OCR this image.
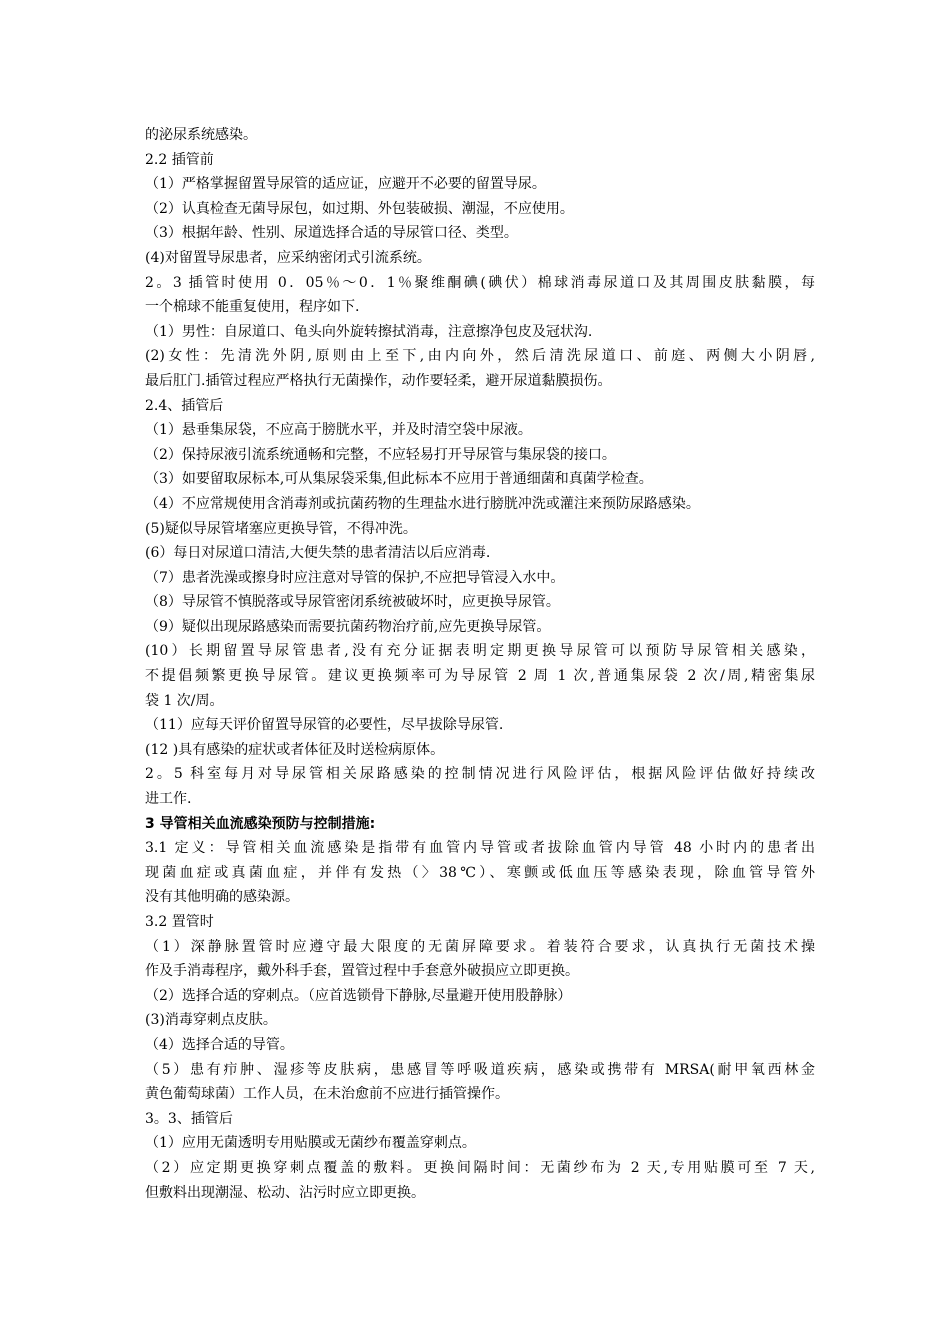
的泌尿系统感染。
2.2 插管前
（1）严格掌握留置导尿管的适应证，应避开不必要的留置导尿。
（2）认真检查无菌导尿包，如过期、外包装破损、潮湿，不应使用。
（3）根据年龄、性别、尿道选择合适的导尿管口径、类型。
(4)对留置导尿患者，应采纳密闭式引流系统。
2。3 插管时使用 0．05％～0．1％聚维酮碘(碘伏）棉球消毒尿道口及其周围皮肤黏膜，每
一个棉球不能重复使用，程序如下.
（1）男性：自尿道口、龟头向外旋转擦拭消毒，注意擦净包皮及冠状沟.
(2)女性：先清洗外阴,原则由上至下,由内向外，然后清洗尿道口、前庭、两侧大小阴唇,
最后肛门.插管过程应严格执行无菌操作，动作要轻柔，避开尿道黏膜损伤。
2.4、插管后
（1）悬垂集尿袋，不应高于膀胱水平，并及时清空袋中尿液。
（2）保持尿液引流系统通畅和完整，不应轻易打开导尿管与集尿袋的接口。
（3）如要留取尿标本,可从集尿袋采集,但此标本不应用于普通细菌和真菌学检查。
（4）不应常规使用含消毒剂或抗菌药物的生理盐水进行膀胱冲洗或灌注来预防尿路感染。
(5)疑似导尿管堵塞应更换导管，不得冲洗。
(6）每日对尿道口清洁,大便失禁的患者清洁以后应消毒.
（7）患者洗澡或擦身时应注意对导管的保护,不应把导管浸入水中。
（8）导尿管不慎脱落或导尿管密闭系统被破坏时，应更换导尿管。
（9）疑似出现尿路感染而需要抗菌药物治疗前,应先更换导尿管。
(10）长期留置导尿管患者,没有充分证据表明定期更换导尿管可以预防导尿管相关感染，
不提倡频繁更换导尿管。建议更换频率可为导尿管 2 周 1 次,普通集尿袋 2 次/周,精密集尿
袋 1 次/周。
（11）应每天评价留置导尿管的必要性，尽早拔除导尿管.
(12 )具有感染的症状或者体征及时送检病原体。
2。5 科室每月对导尿管相关尿路感染的控制情况进行风险评估，根据风险评估做好持续改
进工作.
3 导管相关血流感染预防与控制措施:
3.1 定义：导管相关血流感染是指带有血管内导管或者拔除血管内导管 48 小时内的患者出
现菌血症或真菌血症，并伴有发热（〉38℃）、寒颤或低血压等感染表现，除血管导管外
没有其他明确的感染源。
3.2 置管时
（1）深静脉置管时应遵守最大限度的无菌屏障要求。着装符合要求，认真执行无菌技术操
作及手消毒程序，戴外科手套，置管过程中手套意外破损应立即更换。
（2）选择合适的穿刺点。（应首选锁骨下静脉,尽量避开使用股静脉）
(3)消毒穿刺点皮肤。
（4）选择合适的导管。
（5）患有疖肿、湿疹等皮肤病，患感冒等呼吸道疾病，感染或携带有 MRSA(耐甲氧西林金
黄色葡萄球菌）工作人员，在未治愈前不应进行插管操作。
3。3、插管后
（1）应用无菌透明专用贴膜或无菌纱布覆盖穿刺点。
（2）应定期更换穿刺点覆盖的敷料。更换间隔时间：无菌纱布为 2 天,专用贴膜可至 7 天,
但敷料出现潮湿、松动、沾污时应立即更换。
